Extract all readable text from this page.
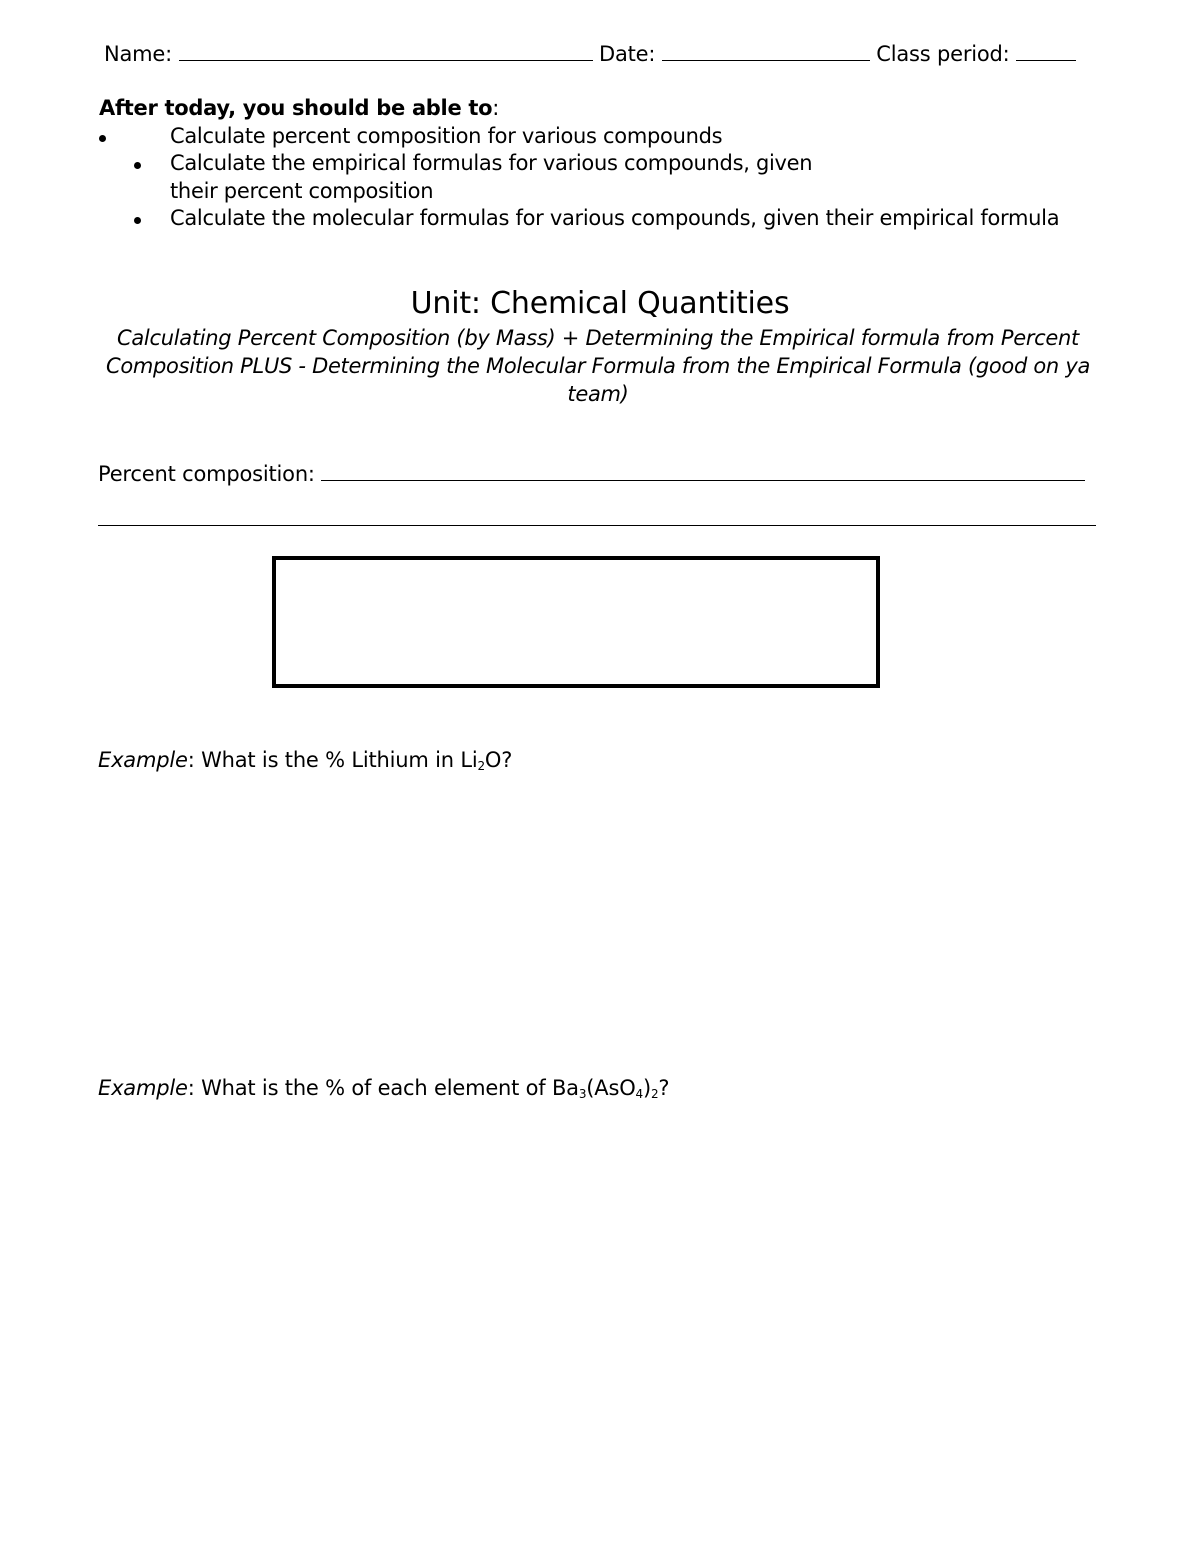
Name:	Date:	Class period:
After today, you should be able to:
Calculate percent composition for various compounds
Calculate the empirical formulas for various compounds, given
their percent composition
Calculate the molecular formulas for various compounds, given their empirical formula
Unit: Chemical Quantities
Calculating Percent Composition (by Mass) + Determining the Empirical formula from Percent Composition PLUS - Determining the Molecular Formula from the Empirical Formula (good on ya team)
Percent composition:
Example: What is the % Lithium in $Li_2O$?
Example: What is the % of each element of $Ba_3(AsO_4)_2$?
